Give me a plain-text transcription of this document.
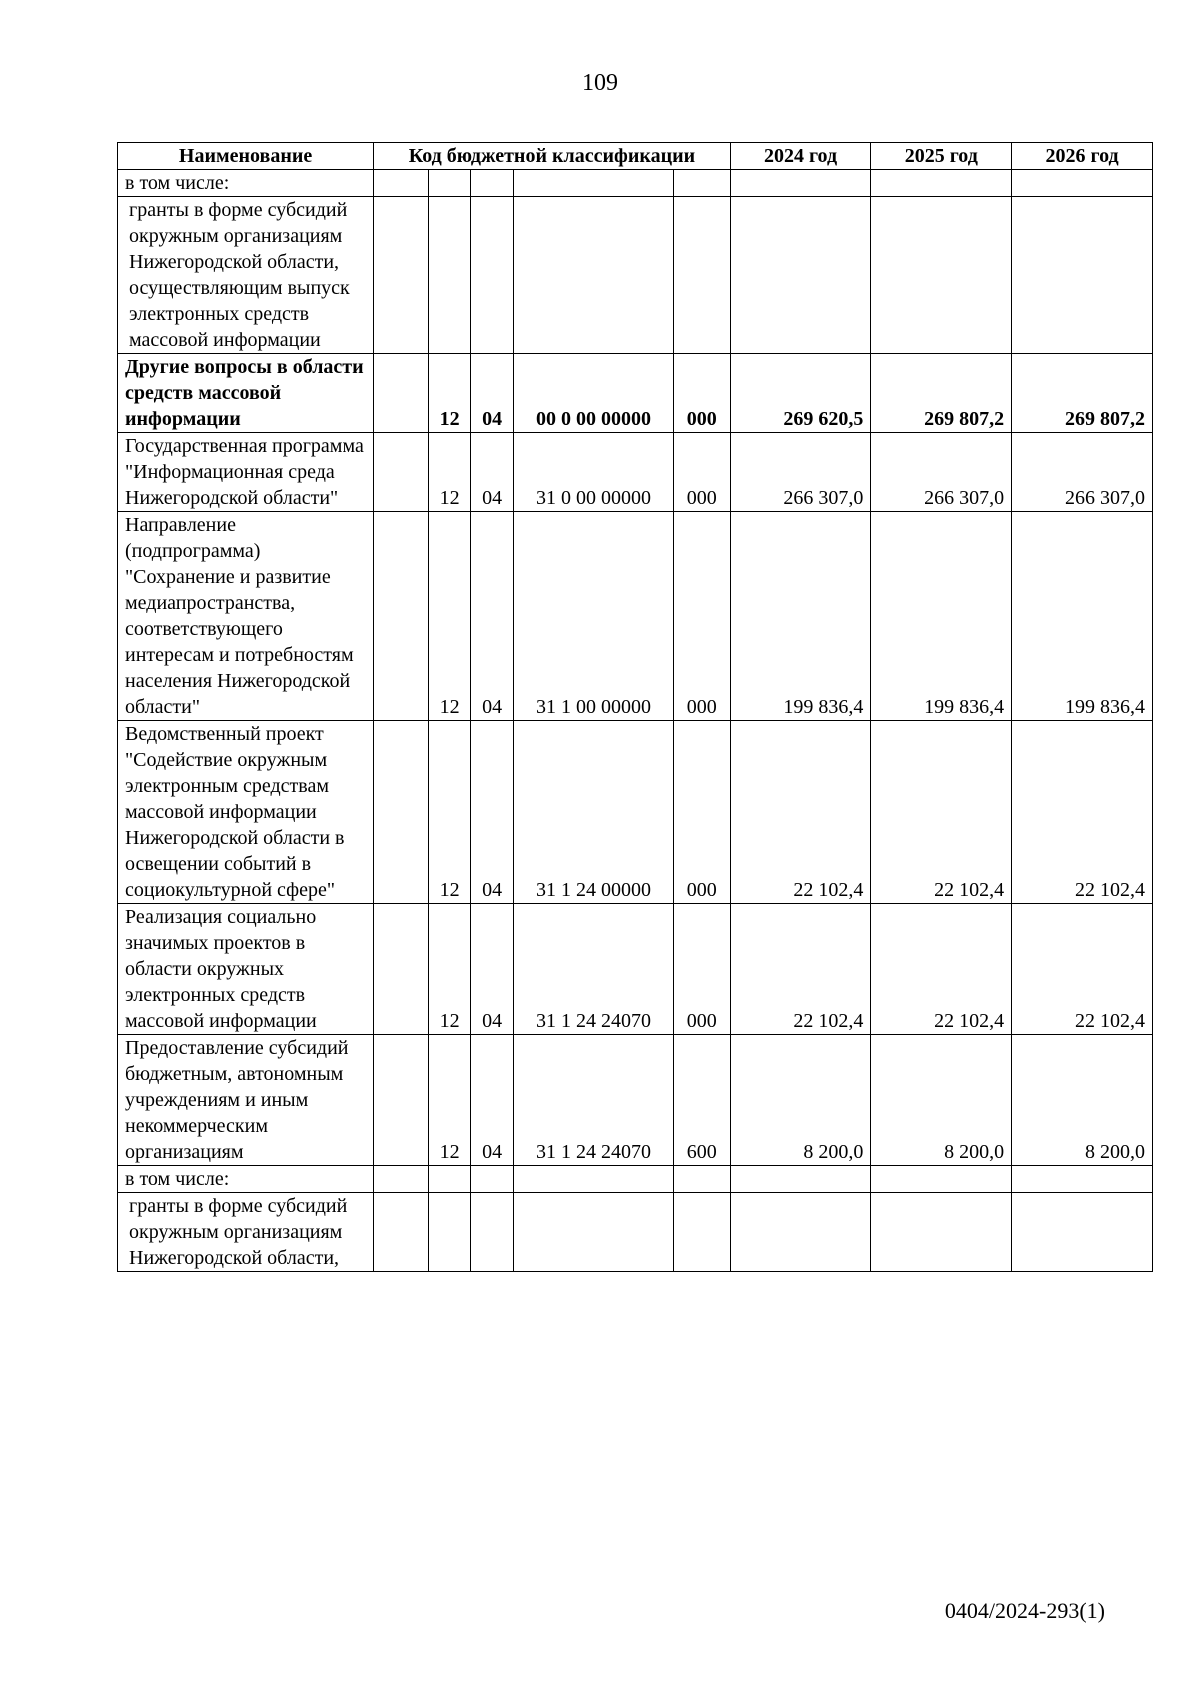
109
Наименование	Код бюджетной классификации					2024 год	2025 год	2026 год
в том числе:								
гранты в форме субсидий окружным организациям Нижегородской области, осуществляющим выпуск электронных средств массовой информации								
Другие вопросы в области средств массовой информации		12	04	00 0 00 00000	000	269 620,5	269 807,2	269 807,2
Государственная программа "Информационная среда Нижегородской области"		12	04	31 0 00 00000	000	266 307,0	266 307,0	266 307,0
Направление (подпрограмма) "Сохранение и развитие медиапространства, соответствующего интересам и потребностям населения Нижегородской области"		12	04	31 1 00 00000	000	199 836,4	199 836,4	199 836,4
Ведомственный проект "Содействие окружным электронным средствам массовой информации Нижегородской области в освещении событий в социокультурной сфере"		12	04	31 1 24 00000	000	22 102,4	22 102,4	22 102,4
Реализация социально значимых проектов в области окружных электронных средств массовой информации		12	04	31 1 24 24070	000	22 102,4	22 102,4	22 102,4
Предоставление субсидий бюджетным, автономным учреждениям и иным некоммерческим организациям		12	04	31 1 24 24070	600	8 200,0	8 200,0	8 200,0
в том числе:								
гранты в форме субсидий окружным организациям Нижегородской области,								
0404/2024-293(1)
